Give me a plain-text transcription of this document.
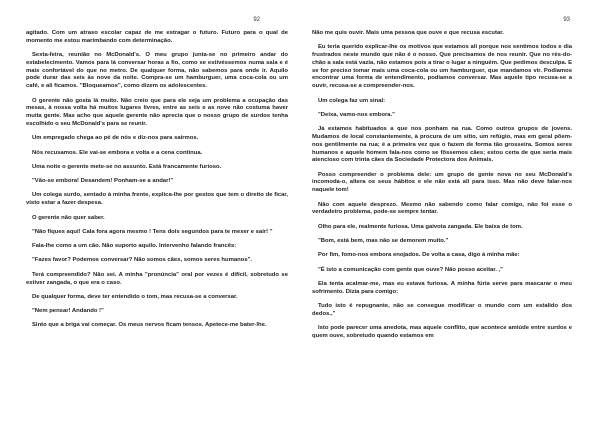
92

agitado. Com um atraso escolar capaz de me estragar o futuro. Futuro para o qual de momento me estou marimbando com determinação.

Sexta-feira, reunião no McDonald's. O meu grupo junta-se no primeiro andar do estabelecimento. Vamos para lá conversar horas a fio, como se estivéssemos numa sala e é mais confortável do que no metro. De qualquer forma, não sabemos para onde ir. Aquilo pode durar das seis às nove da noite. Compra-se um hamburguer, uma coca-cola ou um café, e ali ficamos. "Bloqueamos", como dizem os adolescentes.

O gerente não gosta lá muito. Não creio que para ele seja um problema a ocupação das mesas, à nossa volta há muitos lugares livres, entre as seis e as nove não costuma haver muita gente. Mas acho que aquele gerente não aprecia que o nosso grupo de surdos tenha escolhido o seu McDonald's para se reunir.

Um empregado chega ao pé de nós e diz-nos para sairmos.

Nós recusamos. Ele vai-se embora e volta e a cena continua.

Uma noite o gerente mete-se no assunto. Está francamente furioso.

"Vão-se embora! Desandem! Ponham-se a andar!"

Um colega surdo, sentado à minha frente, explica-lhe por gestos que tem o direito de ficar, visto estar a fazer despesa.

O gerente não quer saber.

"Não fiques aqui! Cala fora agora mesmo ! Tens dois segundos para te mexer e sair! "

Fala-lhe como a um cão. Não suporto aquilo. Intervenho falando francês:

"Fazes favor? Podemos conversar? Não somos cães, somos seres humanos".

Terá compreendido? Não sei. A minha "pronúncia" oral por vezes é difícil, sobretudo se estiver zangada, o que era o caso.

De qualquer forma, deve ter entendido o tom, mas recusa-se a conversar.

"Nem pensar! Andando !"

Sinto que a briga vai começar. Os meus nervos ficam tensos. Apetece-me bater-lhe.

93

Não me quis ouvir. Mais uma pessoa que ouve e que recusa escutar.

Eu teria querido explicar-lhe os motivos que estamos ali porque nos sentimos todos e dia frustrados neste mundo que não é o nosso. Que precisamos de nos reunir. Que no rés-do-chão a sala está vazia, não estamos pois a tirar o lugar a ninguém. Que pedimos desculpa. E se for preciso tomar mais uma coca-cola ou um hamburguer, que mandamos vir. Podíamos encontrar uma forma de entendimento, podíamos conversar. Mas aquele tipo recusa-se a ouvir, recusa-se a compreender-nos.

Um colega faz um sinal:

"Deixa, vamo-nos embora."

Já estamos habituados a que nos ponham na rua. Como outros grupos de jovens. Mudamos de local constantemente, à procura de um sítio, um refúgio, mas em geral põem-nos gentilmente na rua; é a primeira vez que o fazem de forma tão grosseira. Somos seres humanos e aquele homem fala-nos como se fôssemos cães; estou certa de que seria mais atencioso com trinta cães da Sociedade Protectora dos Animais.

Posso compreender o problema dele: um grupo de gente nova no seu McDonald's incomoda-o, altera os seus hábitos e ele não está ali para isso. Mas não deve falar-nos naquele tom!

Não com aquele desprezo. Mesmo não sabendo como falar comigo, não foi esse o verdadeiro problema, pode-se sempre tentar.

Olho para ele, realmente furiosa. Uma gaivota zangada. Ele baixa de tom.

"Bom, está bem, mas não se demorem muito."

Por fim, fomo-nos embora enojados. De volta a casa, digo à minha mãe:

"É isto a comunicação com gente que ouve? Não posso aceitar. ,"

Ela tenta acalmar-me, mas eu estava furiosa. A minha fúria serve para mascarar o meu sofrimento. Dizia para comigo:

Tudo isto é repugnante, não se consegue modificar o mundo com um estalido dos dedos.,"

Isto pode parecer uma anedota, mas aquele conflito, que acontece amiúde entre surdos e quem ouve, sobretudo quando estamos em
